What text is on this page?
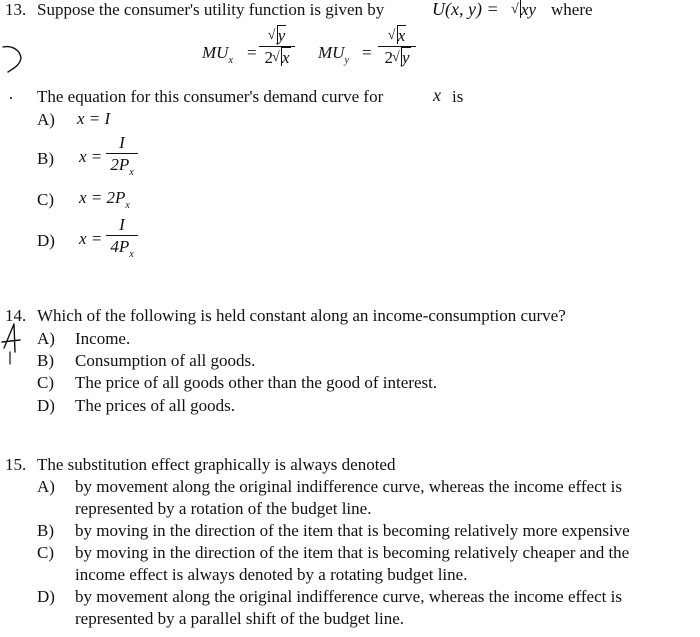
13. Suppose the consumer's utility function is given by	U(x, y) = √ xy where
$MU_x$ =
√ y
2 √ x	$MU_y$ =
√ x
2 √ y
The equation for this consumer's demand curve for	x is
A) x = I
B) x =
I
$2P_x$
C) $x = 2P_x$
D) x =
I
$4P_x$
14. Which of the following is held constant along an income-consumption curve?
A) Income.
B) Consumption of all goods.
C) The price of all goods other than the good of interest.
D) The prices of all goods.
15. The substitution effect graphically is always denoted
A) by movement along the original indifference curve, whereas the income effect is
represented by a rotation of the budget line.
B) by moving in the direction of the item that is becoming relatively more expensive
C) by moving in the direction of the item that is becoming relatively cheaper and the
income effect is always denoted by a rotating budget line.
D) by movement along the original indifference curve, whereas the income effect is
represented by a parallel shift of the budget line.
